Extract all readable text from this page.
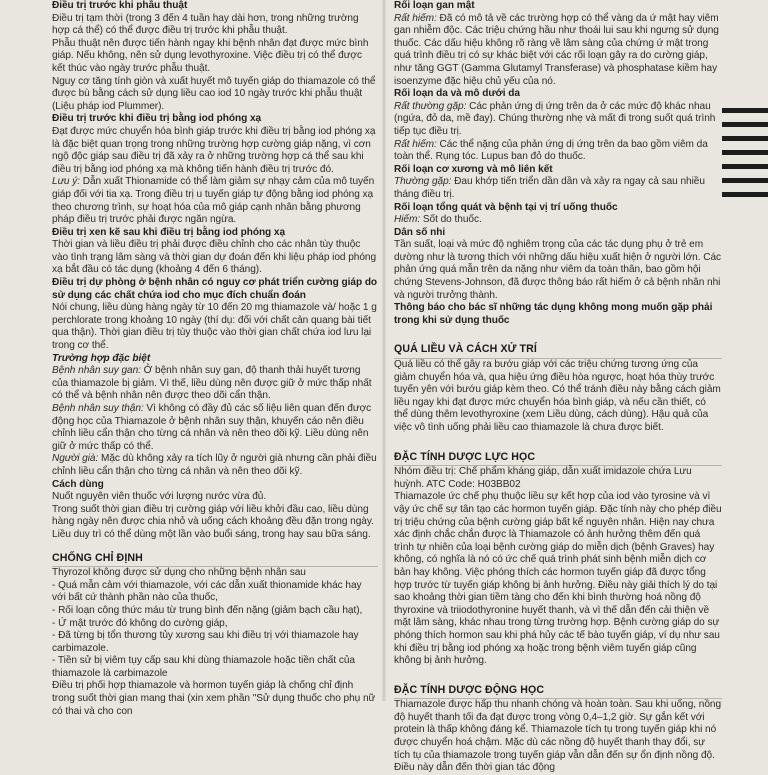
Điều trị trước khi phẫu thuật

Điều trị tạm thời (trong 3 đến 4 tuần hay dài hơn, trong những trường hợp cá thể) có thể được điều trị trước khi phẫu thuật.

Phẫu thuật nên được tiến hành ngay khi bệnh nhân đạt được mức bình giáp. Nếu không, nên sử dụng levothyroxine. Việc điều trị có thể được kết thúc vào ngày trước phẫu thuật.

Nguy cơ tăng tính giòn và xuất huyết mô tuyến giáp do thiamazole có thể được bù bằng cách sử dụng liều cao iod 10 ngày trước khi phẫu thuật (Liệu pháp iod Plummer).

Điều trị trước khi điều trị bằng iod phóng xạ

Đạt được mức chuyển hóa bình giáp trước khi điều trị bằng iod phóng xạ là đặc biệt quan trọng trong những trường hợp cường giáp nặng, vì cơn ngộ độc giáp sau điều trị đã xảy ra ở những trường hợp cá thể sau khi điều trị bằng iod phóng xạ mà không tiến hành điều trị trước đó.

Lưu ý: Dẫn xuất Thionamide có thể làm giảm sự nhạy cảm của mô tuyến giáp đối với tia xạ. Trong điều trị u tuyến giáp tự động bằng iod phóng xạ theo chương trình, sự hoạt hóa của mô giáp cạnh nhân bằng phương pháp điều trị trước phải được ngăn ngừa.

Điều trị xen kẽ sau khi điều trị bằng iod phóng xạ

Thời gian và liều điều trị phải được điều chỉnh cho các nhân tùy thuộc vào tình trạng lâm sàng và thời gian dự đoán đến khi liệu pháp iod phóng xạ bắt đầu có tác dụng (khoảng 4 đến 6 tháng).

Điều trị dự phòng ở bệnh nhân có nguy cơ phát triển cường giáp do sử dụng các chất chứa iod cho mục đích chuẩn đoán

Nói chung, liều dùng hàng ngày từ 10 đến 20 mg thiamazole và/ hoặc 1 g perchlorate trong khoảng 10 ngày (thí dụ: đối với chất cản quang bài tiết qua thận). Thời gian điều trị tùy thuộc vào thời gian chất chứa iod lưu lại trong cơ thể.

Trường hợp đặc biệt

Bệnh nhân suy gan: Ở bệnh nhân suy gan, độ thanh thải huyết tương của thiamazole bị giảm. Vì thế, liều dùng nên được giữ ở mức thấp nhất có thể và bệnh nhân nên được theo dõi cẩn thận.

Bệnh nhân suy thận: Vì không có đầy đủ các số liệu liên quan đến được động học của Thiamazole ở bệnh nhân suy thận, khuyến cáo nên điều chỉnh liều cẩn thận cho từng cá nhân và nên theo dõi kỹ. Liều dùng nên giữ ở mức thấp có thể.

Người già: Mặc dù không xảy ra tích lũy ở người già nhưng cần phải điều chỉnh liều cẩn thận cho từng cá nhân và nên theo dõi kỹ.

Cách dùng

Nuốt nguyên viên thuốc với lượng nước vừa đủ.

Trong suốt thời gian điều trị cường giáp với liều khởi đầu cao, liều dùng hàng ngày nên được chia nhỏ và uống cách khoảng đều đặn trong ngày.

Liều duy trì có thể dùng một lần vào buổi sáng, trong hay sau bữa sáng.

CHỐNG CHỈ ĐỊNH

Thyrozol không được sử dụng cho những bệnh nhân sau

- Quá mẫn cảm với thiamazole, với các dẫn xuất thionamide khác hay với bất cứ thành phần nào của thuốc,

- Rối loạn công thức máu từ trung bình đến nặng (giảm bạch cầu hạt),

- Ứ mật trước đó không do cường giáp,

- Đã từng bị tổn thương tủy xương sau khi điều trị với thiamazole hay carbimazole.

- Tiền sử bị viêm tụy cấp sau khi dùng thiamazole hoặc tiền chất của thiamazole là carbimazole

Điều trị phối hợp thiamazole và hormon tuyến giáp là chống chỉ định trong suốt thời gian mang thai (xin xem phần "Sử dụng thuốc cho phụ nữ có thai và cho con

Rối loạn gan mật

Rất hiếm: Đã có mô tả về các trường hợp có thể vàng da ứ mật hay viêm gan nhiễm độc. Các triệu chứng hầu như thoái lui sau khi ngưng sử dụng thuốc. Các dấu hiệu không rõ ràng về lâm sàng của chứng ứ mật trong quá trình điều trị có sự khác biệt với các rối loạn gây ra do cường giáp, như tăng GGT (Gamma Glutamyl Transferase) và phosphatase kiềm hay isoenzyme đặc hiệu chủ yếu của nó.

Rối loạn da và mô dưới da

Rất thường gặp: Các phản ứng dị ứng trên da ở các mức độ khác nhau (ngứa, đỏ da, mề đay). Chúng thường nhẹ và mất đi trong suốt quá trình tiếp tục điều trị.

Rất hiếm: Các thể nặng của phản ứng dị ứng trên da bao gồm viêm da toàn thể. Rụng tóc. Lupus ban đỏ do thuốc.

Rối loạn cơ xương và mô liên kết

Thường gặp: Đau khớp tiến triển dần dần và xảy ra ngay cả sau nhiều tháng điều trị.

Rối loạn tổng quát và bệnh tại vị trí uống thuốc

Hiếm: Sốt do thuốc.

Dân số nhi

Tần suất, loại và mức độ nghiêm trọng của các tác dụng phụ ở trẻ em dường như là tương thích với những dấu hiệu xuất hiện ở người lớn. Các phản ứng quá mẫn trên da nặng như viêm da toàn thân, bao gồm hội chứng Stevens-Johnson, đã được thông báo rất hiếm ở cả bệnh nhân nhi và người trưởng thành.

Thông báo cho bác sĩ những tác dụng không mong muốn gặp phải trong khi sử dụng thuốc
QUÁ LIỀU VÀ CÁCH XỬ TRÍ

Quá liều có thể gây ra bướu giáp với các triệu chứng tương ứng của giảm chuyển hóa và, qua hiệu ứng điều hòa ngược, hoạt hóa thùy trước tuyến yên với bướu giáp kèm theo. Có thể tránh điều này bằng cách giảm liều ngay khi đạt được mức chuyển hóa bình giáp, và nếu cần thiết, có thể dùng thêm levothyroxine (xem Liều dùng, cách dùng). Hậu quả của việc vô tình uống phải liều cao thiamazole là chưa được biết.

ĐẶC TÍNH DƯỢC LỰC HỌC

Nhóm điều trị: Chế phẩm kháng giáp, dẫn xuất imidazole chứa Lưu huỳnh. ATC Code: H03BB02

Thiamazole ức chế phụ thuộc liều sự kết hợp của iod vào tyrosine và vì vậy ức chế sự tân tạo các hormon tuyến giáp. Đặc tính này cho phép điều trị triệu chứng của bệnh cường giáp bất kể nguyên nhân. Hiện nay chưa xác định chắc chắn được là Thiamazole có ảnh hưởng thêm đến quá trình tự nhiên của loại bệnh cường giáp do miễn dịch (bệnh Graves) hay không, có nghĩa là nó có ức chế quá trình phát sinh bệnh miễn dịch cơ bản hay không. Việc phóng thích các hormon tuyến giáp đã được tổng hợp trước từ tuyến giáp không bị ảnh hưởng. Điều này giải thích lý do tại sao khoảng thời gian tiềm tàng cho đến khi bình thường hoá nồng độ thyroxine và triiodothyronine huyết thanh, và vì thế dẫn đến cải thiện về mặt lâm sàng, khác nhau trong từng trường hợp. Bệnh cường giáp do sự phóng thích hormon sau khi phá hủy các tế bào tuyến giáp, ví dụ như sau khi điều trị bằng iod phóng xạ hoặc trong bệnh viêm tuyến giáp cũng không bị ảnh hưởng.

ĐẶC TÍNH DƯỢC ĐỘNG HỌC

Thiamazole được hấp thu nhanh chóng và hoàn toàn. Sau khi uống, nồng độ huyết thanh tối đa đạt được trong vòng 0,4–1,2 giờ. Sự gắn kết với protein là thấp không đáng kể. Thiamazole tích tụ trong tuyến giáp khi nó được chuyển hoá chậm. Mặc dù các nồng độ huyết thanh thay đổi, sự tích tụ của thiamazole trong tuyến giáp vẫn dẫn đến sự ổn định nồng độ. Điều này dẫn đến thời gian tác động
